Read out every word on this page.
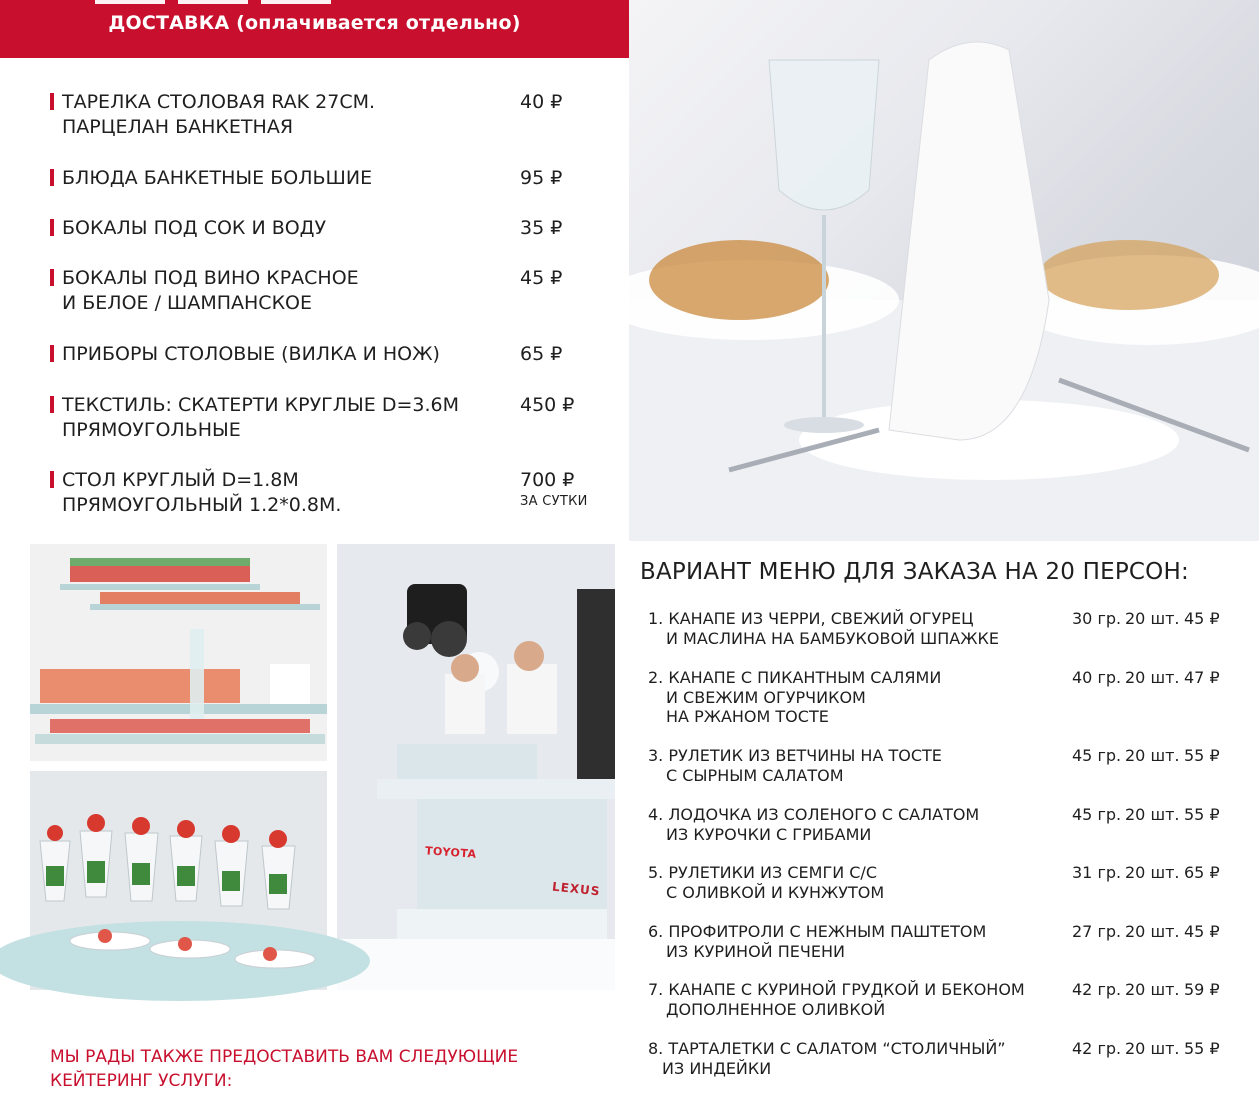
ДОСТАВКА (оплачивается отдельно)
ТАРЕЛКА СТОЛОВАЯ RAK 27СМ.
ПАРЦЕЛАН БАНКЕТНАЯ
40 ₽
БЛЮДА БАНКЕТНЫЕ БОЛЬШИЕ	95 ₽
БОКАЛЫ ПОД СОК И ВОДУ	35 ₽
БОКАЛЫ ПОД ВИНО КРАСНОЕ
И БЕЛОЕ / ШАМПАНСКОЕ
45 ₽
ПРИБОРЫ СТОЛОВЫЕ (ВИЛКА И НОЖ)	65 ₽
ТЕКСТИЛЬ: СКАТЕРТИ КРУГЛЫЕ D=3.6М
ПРЯМОУГОЛЬНЫЕ
450 ₽
СТОЛ КРУГЛЫЙ D=1.8М
ПРЯМОУГОЛЬНЫЙ 1.2*0.8М.
700 ₽
ЗА СУТКИ
TOYOTA
LEXUS
ВАРИАНТ МЕНЮ ДЛЯ ЗАКАЗА НА 20 ПЕРСОН:
1. КАНАПЕ ИЗ ЧЕРРИ, СВЕЖИЙ ОГУРЕЦ
И МАСЛИНА НА БАМБУКОВОЙ ШПАЖКЕ
30 гр. 20 шт. 45 ₽
2. КАНАПЕ С ПИКАНТНЫМ САЛЯМИ
И СВЕЖИМ ОГУРЧИКОМ
НА РЖАНОМ ТОСТЕ
40 гр. 20 шт. 47 ₽
3. РУЛЕТИК ИЗ ВЕТЧИНЫ НА ТОСТЕ
С СЫРНЫМ САЛАТОМ
45 гр. 20 шт. 55 ₽
4. ЛОДОЧКА ИЗ СОЛЕНОГО С САЛАТОМ
ИЗ КУРОЧКИ С ГРИБАМИ
45 гр. 20 шт. 55 ₽
5. РУЛЕТИКИ ИЗ СЕМГИ С/С
С ОЛИВКОЙ И КУНЖУТОМ
31 гр. 20 шт. 65 ₽
6. ПРОФИТРОЛИ С НЕЖНЫМ ПАШТЕТОМ
ИЗ КУРИНОЙ ПЕЧЕНИ
27 гр. 20 шт. 45 ₽
7. КАНАПЕ С КУРИНОЙ ГРУДКОЙ И БЕКОНОМ
ДОПОЛНЕННОЕ ОЛИВКОЙ
42 гр. 20 шт. 59 ₽
8. ТАРТАЛЕТКИ С САЛАТОМ “СТОЛИЧНЫЙ”
ИЗ ИНДЕЙКИ
42 гр. 20 шт. 55 ₽
МЫ РАДЫ ТАКЖЕ ПРЕДОСТАВИТЬ ВАМ СЛЕДУЮЩИЕ
КЕЙТЕРИНГ УСЛУГИ:
